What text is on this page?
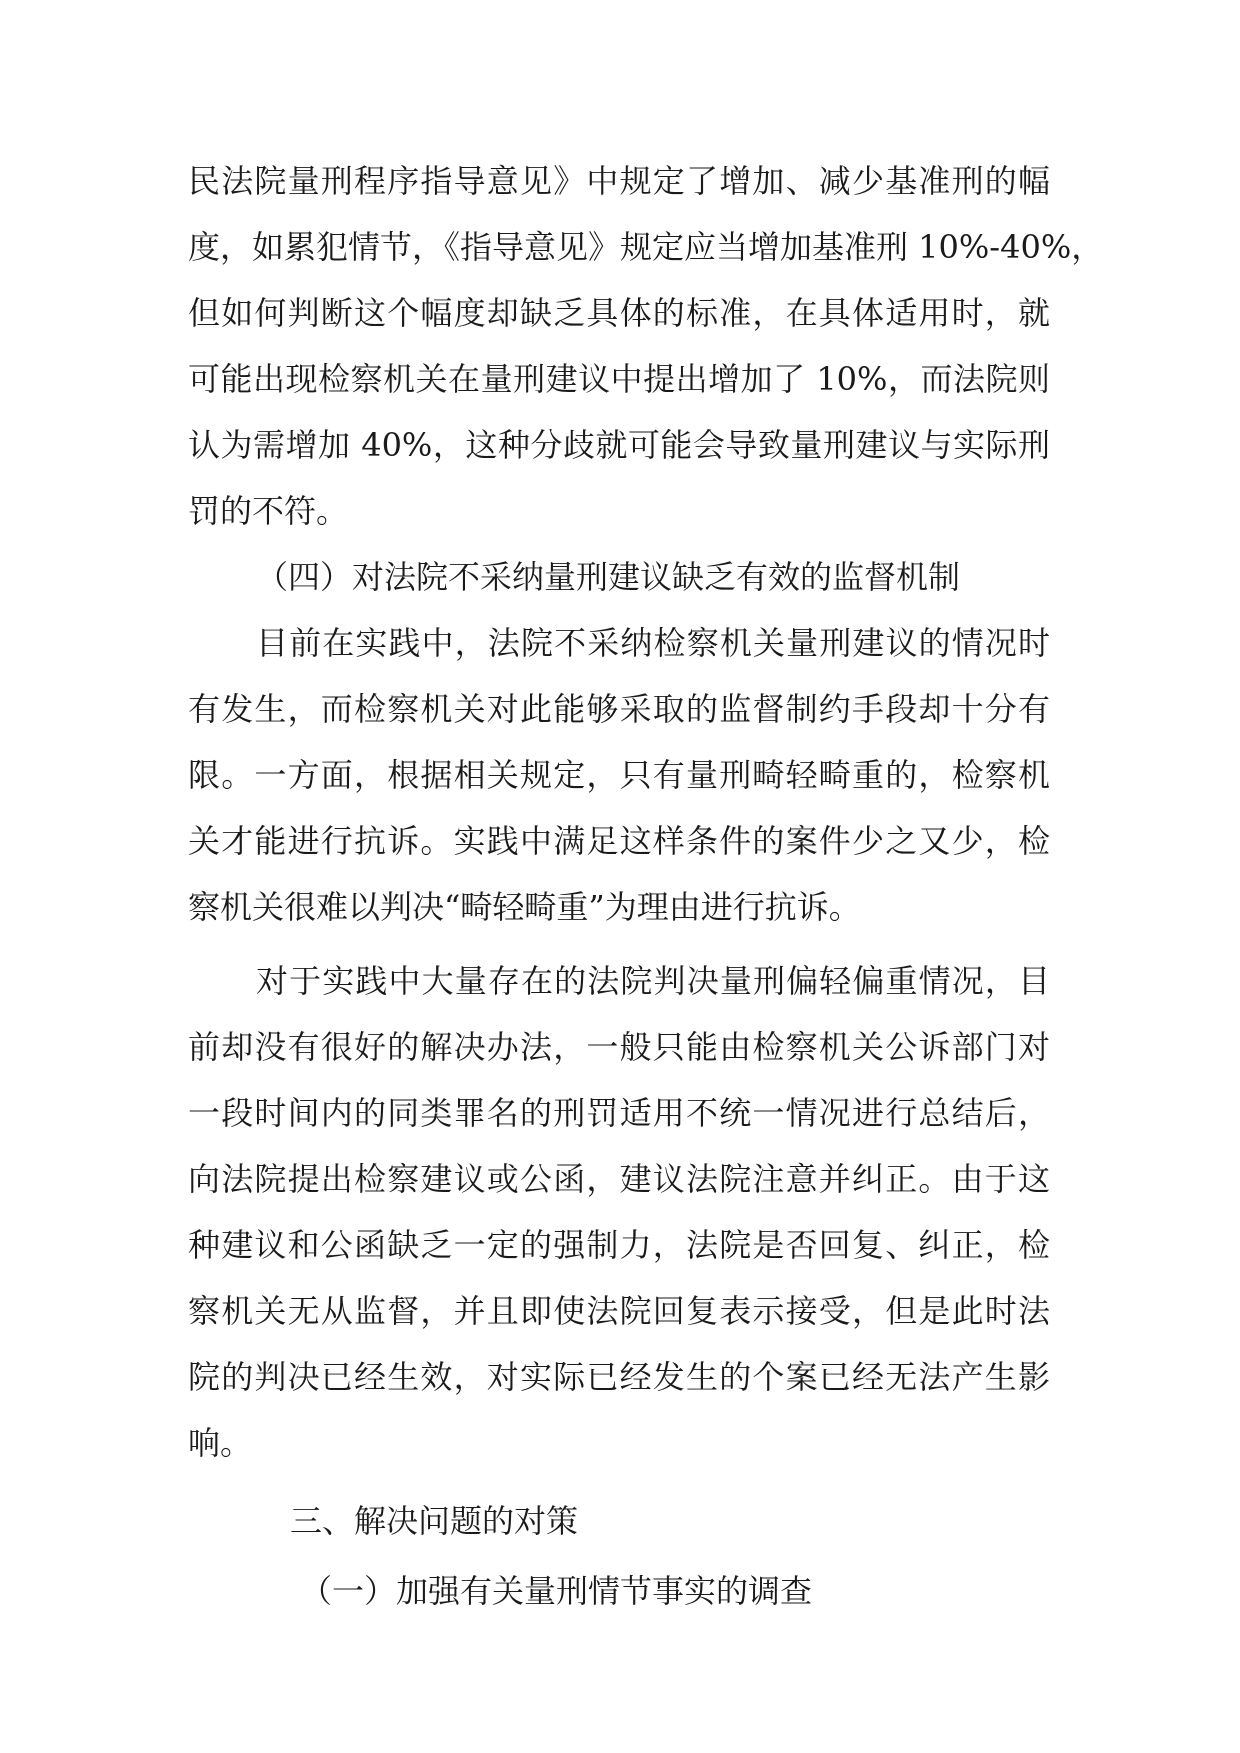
民法院量刑程序指导意见》中规定了增加、减少基准刑的幅
度，如累犯情节，《指导意见》规定应当增加基准刑 10%-40%，
但如何判断这个幅度却缺乏具体的标准，在具体适用时，就
可能出现检察机关在量刑建议中提出增加了 10%，而法院则
认为需增加 40%，这种分歧就可能会导致量刑建议与实际刑
罚的不符。
（四）对法院不采纳量刑建议缺乏有效的监督机制
目前在实践中，法院不采纳检察机关量刑建议的情况时
有发生，而检察机关对此能够采取的监督制约手段却十分有
限。一方面，根据相关规定，只有量刑畸轻畸重的，检察机
关才能进行抗诉。实践中满足这样条件的案件少之又少，检
察机关很难以判决“畸轻畸重”为理由进行抗诉。
对于实践中大量存在的法院判决量刑偏轻偏重情况，目
前却没有很好的解决办法，一般只能由检察机关公诉部门对
一段时间内的同类罪名的刑罚适用不统一情况进行总结后，
向法院提出检察建议或公函，建议法院注意并纠正。由于这
种建议和公函缺乏一定的强制力，法院是否回复、纠正，检
察机关无从监督，并且即使法院回复表示接受，但是此时法
院的判决已经生效，对实际已经发生的个案已经无法产生影
响。
三、解决问题的对策
（一）加强有关量刑情节事实的调查
